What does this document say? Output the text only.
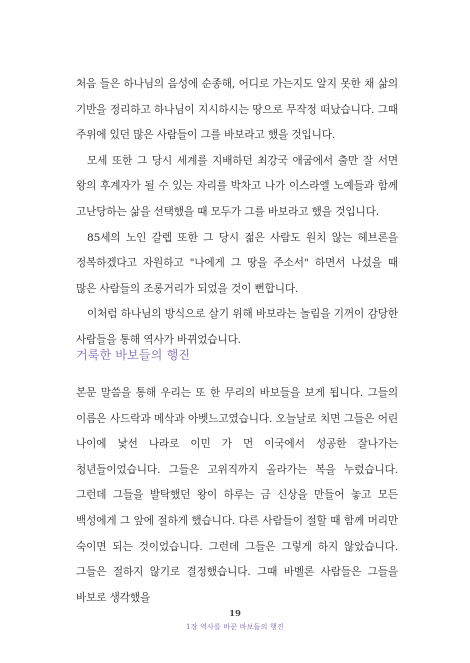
처음 들은 하나님의 음성에 순종해, 어디로 가는지도 알지 못한 채 삶의 기반을 정리하고 하나님이 지시하시는 땅으로 무작정 떠났습니다. 그때 주위에 있던 많은 사람들이 그를 바보라고 했을 것입니다.

모세 또한 그 당시 세계를 지배하던 최강국 애굽에서 출만 잘 서면 왕의 후계자가 될 수 있는 자리를 박차고 나가 이스라엘 노예들과 함께 고난당하는 삶을 선택했을 때 모두가 그를 바보라고 했을 것입니다.

85세의 노인 갈렙 또한 그 당시 젊은 사람도 원치 않는 헤브론을 정복하겠다고 자원하고 "나에게 그 땅을 주소서" 하면서 나섰을 때 많은 사람들의 조롱거리가 되었을 것이 뻔합니다.

이처럼 하나님의 방식으로 살기 위해 바보라는 놀림을 기꺼이 감당한 사람들을 통해 역사가 바뀌었습니다.

거룩한 바보들의 행진

본문 말씀을 통해 우리는 또 한 무리의 바보들을 보게 됩니다. 그들의 이름은 사드락과 메삭과 아벳느고였습니다. 오늘날로 치면 그들은 어린 나이에 낯선 나라로 이민 가 먼 이국에서 성공한 잘나가는 청년들이었습니다. 그들은 고위직까지 올라가는 복을 누렸습니다. 그런데 그들을 발탁했던 왕이 하루는 금 신상을 만들어 놓고 모든 백성에게 그 앞에 절하게 했습니다. 다른 사람들이 절할 때 함께 머리만 숙이면 되는 것이었습니다. 그런데 그들은 그렇게 하지 않았습니다. 그들은 절하지 않기로 결정했습니다. 그때 바벨론 사람들은 그들을 바보로 생각했을

19
1장 역사를 바꾼 바보들의 행진
